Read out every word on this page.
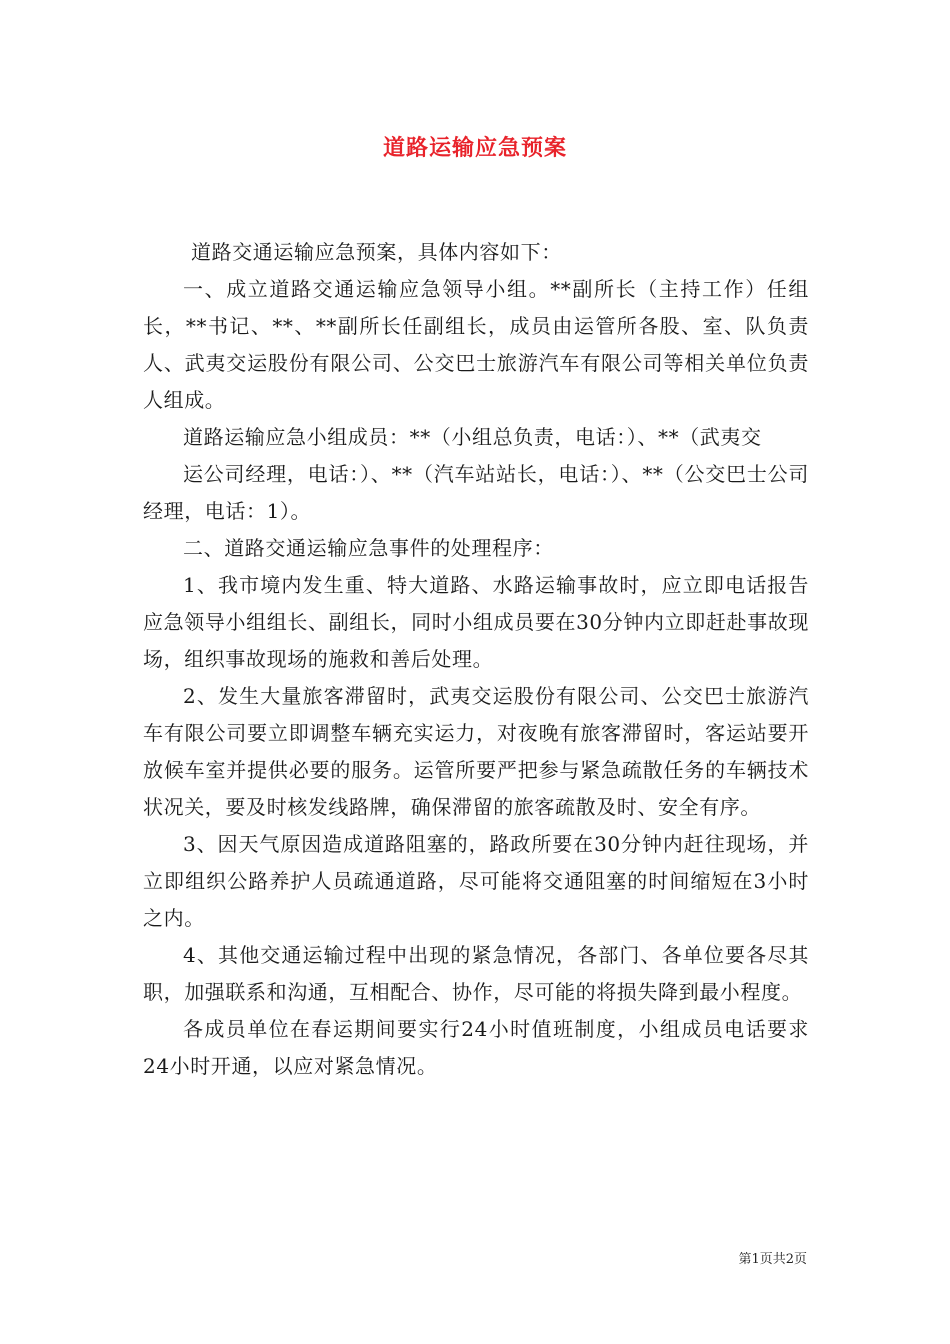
道路运输应急预案

道路交通运输应急预案，具体内容如下：

一、成立道路交通运输应急领导小组。**副所长（主持工作）任组长，**书记、**、**副所长任副组长，成员由运管所各股、室、队负责人、武夷交运股份有限公司、公交巴士旅游汽车有限公司等相关单位负责人组成。

道路运输应急小组成员：**（小组总负责，电话：）、**（武夷交

运公司经理，电话：）、**（汽车站站长，电话：）、**（公交巴士公司经理，电话：1）。

二、道路交通运输应急事件的处理程序：

1、我市境内发生重、特大道路、水路运输事故时，应立即电话报告应急领导小组组长、副组长，同时小组成员要在30分钟内立即赶赴事故现场，组织事故现场的施救和善后处理。

2、发生大量旅客滞留时，武夷交运股份有限公司、公交巴士旅游汽车有限公司要立即调整车辆充实运力，对夜晚有旅客滞留时，客运站要开放候车室并提供必要的服务。运管所要严把参与紧急疏散任务的车辆技术状况关，要及时核发线路牌，确保滞留的旅客疏散及时、安全有序。

3、因天气原因造成道路阻塞的，路政所要在30分钟内赶往现场，并立即组织公路养护人员疏通道路，尽可能将交通阻塞的时间缩短在3小时之内。

4、其他交通运输过程中出现的紧急情况，各部门、各单位要各尽其职，加强联系和沟通，互相配合、协作，尽可能的将损失降到最小程度。

各成员单位在春运期间要实行24小时值班制度，小组成员电话要求24小时开通，以应对紧急情况。

第1页共2页
